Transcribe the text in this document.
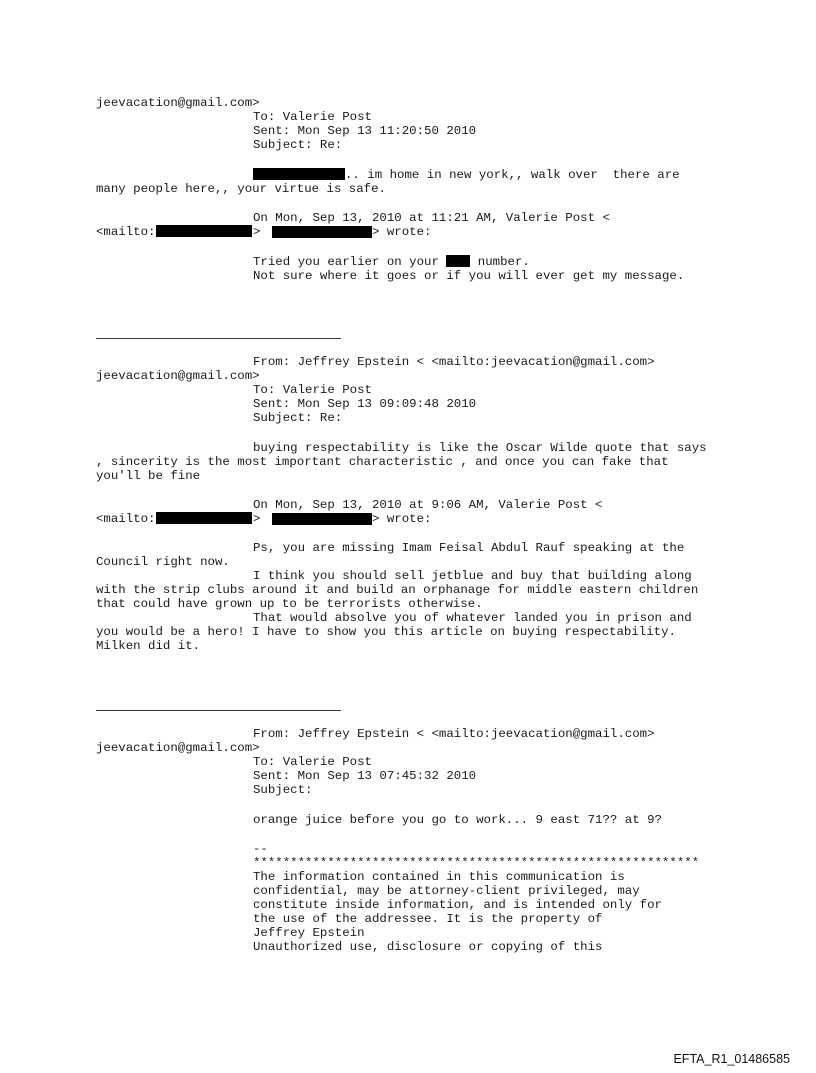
jeevacation@gmail.com>
To: Valerie Post
Sent: Mon Sep 13 11:20:50 2010
Subject: Re:
.. im home in new york,, walk over  there are
many people here,, your virtue is safe.
On Mon, Sep 13, 2010 at 11:21 AM, Valerie Post <
<mailto:	>	> wrote:
Tried you earlier on your	number.
Not sure where it goes or if you will ever get my message.
From: Jeffrey Epstein < <mailto:jeevacation@gmail.com>
jeevacation@gmail.com>
To: Valerie Post
Sent: Mon Sep 13 09:09:48 2010
Subject: Re:
buying respectability is like the Oscar Wilde quote that says
, sincerity is the most important characteristic , and once you can fake that
you'll be fine
On Mon, Sep 13, 2010 at 9:06 AM, Valerie Post <
<mailto:	>	> wrote:
Ps, you are missing Imam Feisal Abdul Rauf speaking at the
Council right now.
I think you should sell jetblue and buy that building along
with the strip clubs around it and build an orphanage for middle eastern children
that could have grown up to be terrorists otherwise.
That would absolve you of whatever landed you in prison and
you would be a hero! I have to show you this article on buying respectability.
Milken did it.
From: Jeffrey Epstein < <mailto:jeevacation@gmail.com>
jeevacation@gmail.com>
To: Valerie Post
Sent: Mon Sep 13 07:45:32 2010
Subject:
orange juice before you go to work... 9 east 71?? at 9?
--
************************************************************
The information contained in this communication is
confidential, may be attorney-client privileged, may
constitute inside information, and is intended only for
the use of the addressee. It is the property of
Jeffrey Epstein
Unauthorized use, disclosure or copying of this
EFTA_R1_01486585
